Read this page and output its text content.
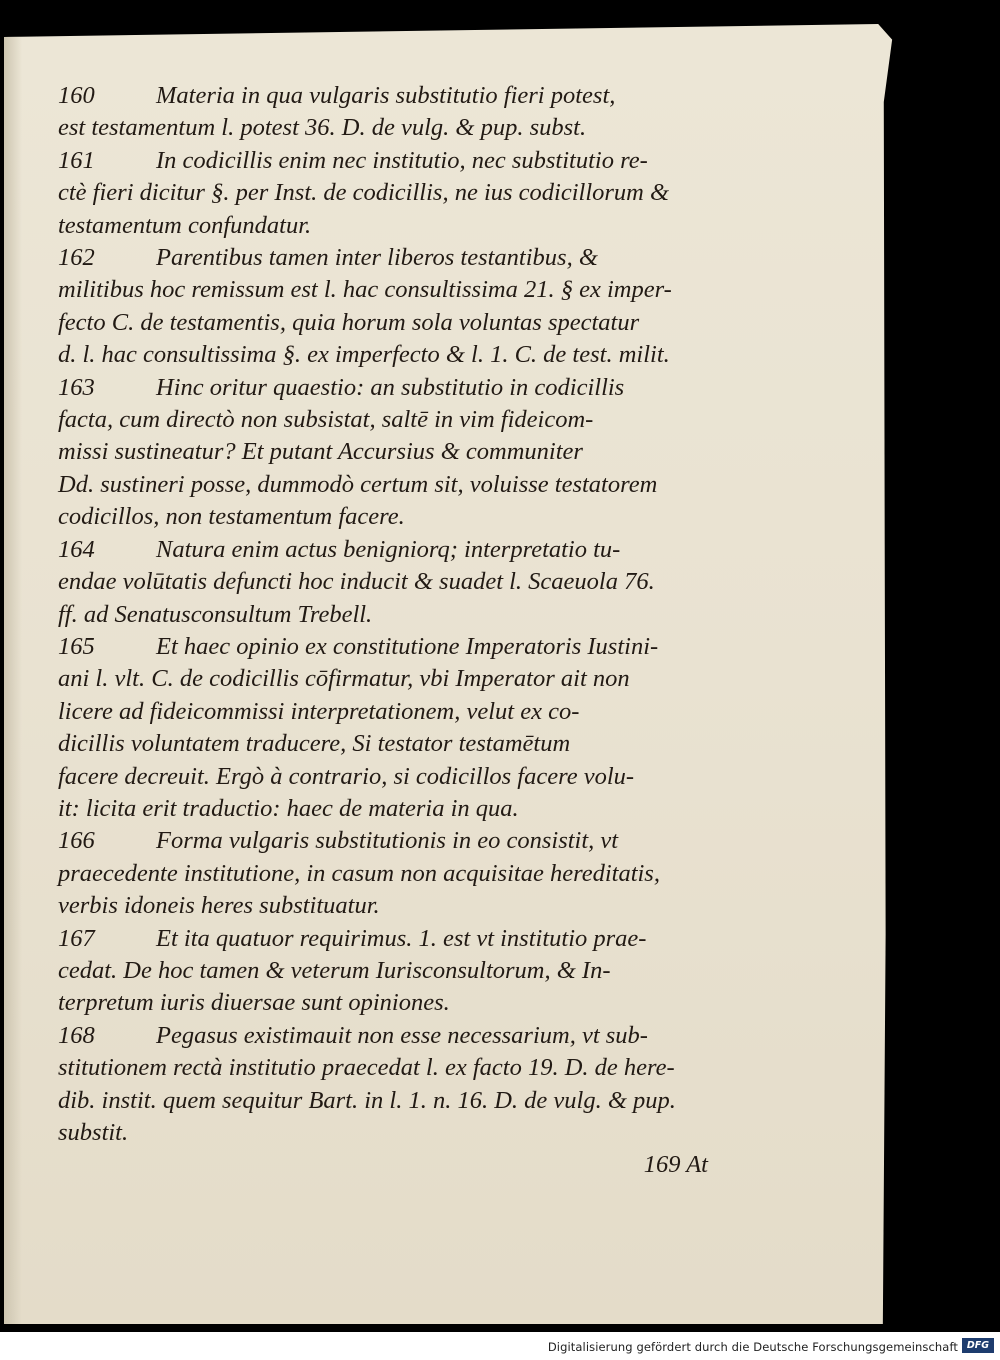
160	Materia in qua vulgaris substitutio fieri potest,
est testamentum l. potest 36. D. de vulg. & pup. subst.
161	In codicillis enim nec institutio, nec substitutio re-
ctè fieri dicitur §. per Inst. de codicillis, ne ius codicillorum &
testamentum confundatur.
162	Parentibus tamen inter liberos testantibus, &
militibus hoc remissum est l. hac consultissima 21. § ex imper-
fecto C. de testamentis, quia horum sola voluntas spectatur
d. l. hac consultissima §. ex imperfecto & l. 1. C. de test. milit.
163	Hinc oritur quaestio: an substitutio in codicillis
facta, cum directò non subsistat, saltē in vim fideicom-
missi sustineatur? Et putant Accursius & communiter
Dd. sustineri posse, dummodò certum sit, voluisse testatorem
codicillos, non testamentum facere.
164	Natura enim actus benigniorq; interpretatio tu-
endae volūtatis defuncti hoc inducit & suadet l. Scaeuola 76.
ff. ad Senatusconsultum Trebell.
165	Et haec opinio ex constitutione Imperatoris Iustini-
ani l. vlt. C. de codicillis cōfirmatur, vbi Imperator ait non
licere ad fideicommissi interpretationem, velut ex co-
dicillis voluntatem traducere, Si testator testamētum
facere decreuit. Ergò à contrario, si codicillos facere volu-
it: licita erit traductio: haec de materia in qua.
166	Forma vulgaris substitutionis in eo consistit, vt
praecedente institutione, in casum non acquisitae hereditatis,
verbis idoneis heres substituatur.
167	Et ita quatuor requirimus. 1. est vt institutio prae-
cedat. De hoc tamen & veterum Iurisconsultorum, & In-
terpretum iuris diuersae sunt opiniones.
168	Pegasus existimauit non esse necessarium, vt sub-
stitutionem rectà institutio praecedat l. ex facto 19. D. de here-
dib. instit. quem sequitur Bart. in l. 1. n. 16. D. de vulg. & pup.
substit.
169 At
Digitalisierung gefördert durch die Deutsche Forschungsgemeinschaft DFG
